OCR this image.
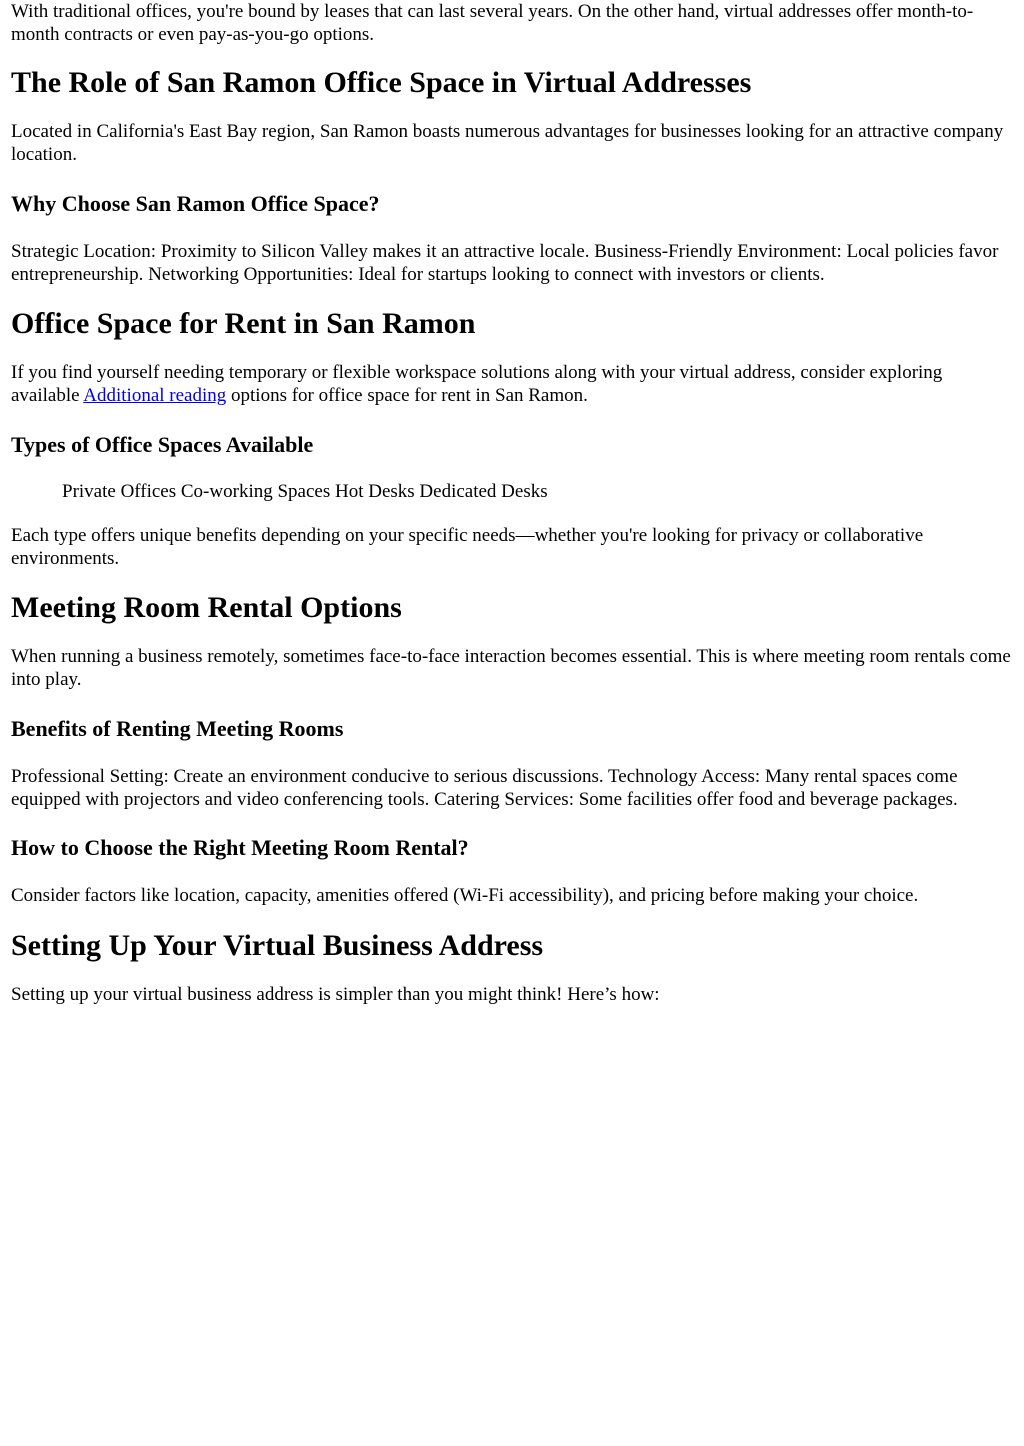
With traditional offices, you're bound by leases that can last several years. On the other hand, virtual addresses offer month-to-month contracts or even pay-as-you-go options.

The Role of San Ramon Office Space in Virtual Addresses

Located in California's East Bay region, San Ramon boasts numerous advantages for businesses looking for an attractive company location.

Why Choose San Ramon Office Space?

Strategic Location: Proximity to Silicon Valley makes it an attractive locale. Business-Friendly Environment: Local policies favor entrepreneurship. Networking Opportunities: Ideal for startups looking to connect with investors or clients.

Office Space for Rent in San Ramon

If you find yourself needing temporary or flexible workspace solutions along with your virtual address, consider exploring available Additional reading options for office space for rent in San Ramon.

Types of Office Spaces Available

Private Offices Co-working Spaces Hot Desks Dedicated Desks

Each type offers unique benefits depending on your specific needs—whether you're looking for privacy or collaborative environments.

Meeting Room Rental Options

When running a business remotely, sometimes face-to-face interaction becomes essential. This is where meeting room rentals come into play.

Benefits of Renting Meeting Rooms

Professional Setting: Create an environment conducive to serious discussions. Technology Access: Many rental spaces come equipped with projectors and video conferencing tools. Catering Services: Some facilities offer food and beverage packages.

How to Choose the Right Meeting Room Rental?

Consider factors like location, capacity, amenities offered (Wi-Fi accessibility), and pricing before making your choice.

Setting Up Your Virtual Business Address

Setting up your virtual business address is simpler than you might think! Here’s how:
